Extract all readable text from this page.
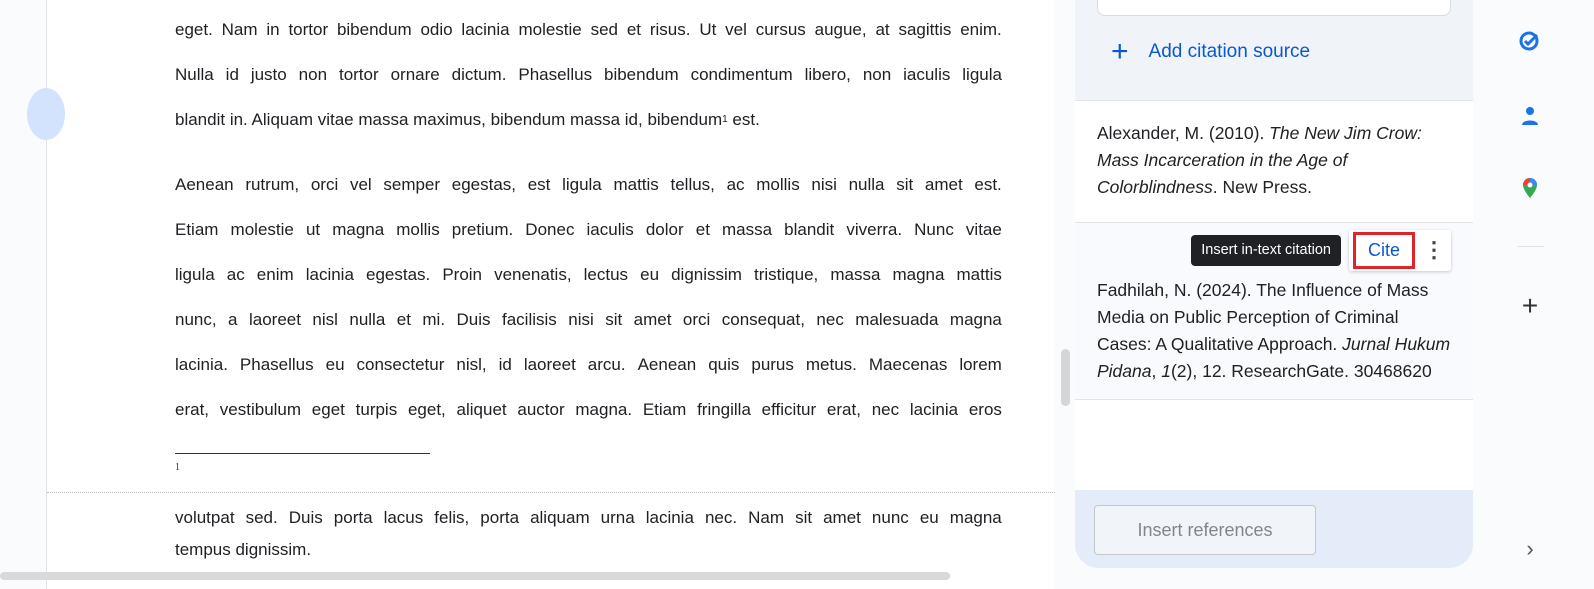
eget. Nam in tortor bibendum odio lacinia molestie sed et risus. Ut vel cursus augue, at sagittis enim.
Nulla id justo non tortor ornare dictum. Phasellus bibendum condimentum libero, non iaculis ligula
blandit in. Aliquam vitae massa maximus, bibendum massa id, bibendum 1 est.
Aenean rutrum, orci vel semper egestas, est ligula mattis tellus, ac mollis nisi nulla sit amet est.
Etiam molestie ut magna mollis pretium. Donec iaculis dolor et massa blandit viverra. Nunc vitae
ligula ac enim lacinia egestas. Proin venenatis, lectus eu dignissim tristique, massa magna mattis
nunc, a laoreet nisl nulla et mi. Duis facilisis nisi sit amet orci consequat, nec malesuada magna
lacinia. Phasellus eu consectetur nisl, id laoreet arcu. Aenean quis purus metus. Maecenas lorem
erat, vestibulum eget turpis eget, aliquet auctor magna. Etiam fringilla efficitur erat, nec lacinia eros
1
volutpat sed. Duis porta lacus felis, porta aliquam urna lacinia nec. Nam sit amet nunc eu magna
tempus dignissim.
+ Add citation source
Alexander, M. (2010). The New Jim Crow: Mass Incarceration in the Age of Colorblindness. New Press.
Insert in-text citation	Cite	⋮
Fadhilah, N. (2024). The Influence of Mass Media on Public Perception of Criminal Cases: A Qualitative Approach. Jurnal Hukum Pidana, 1(2), 12. ResearchGate. 30468620
Insert references
+
›
